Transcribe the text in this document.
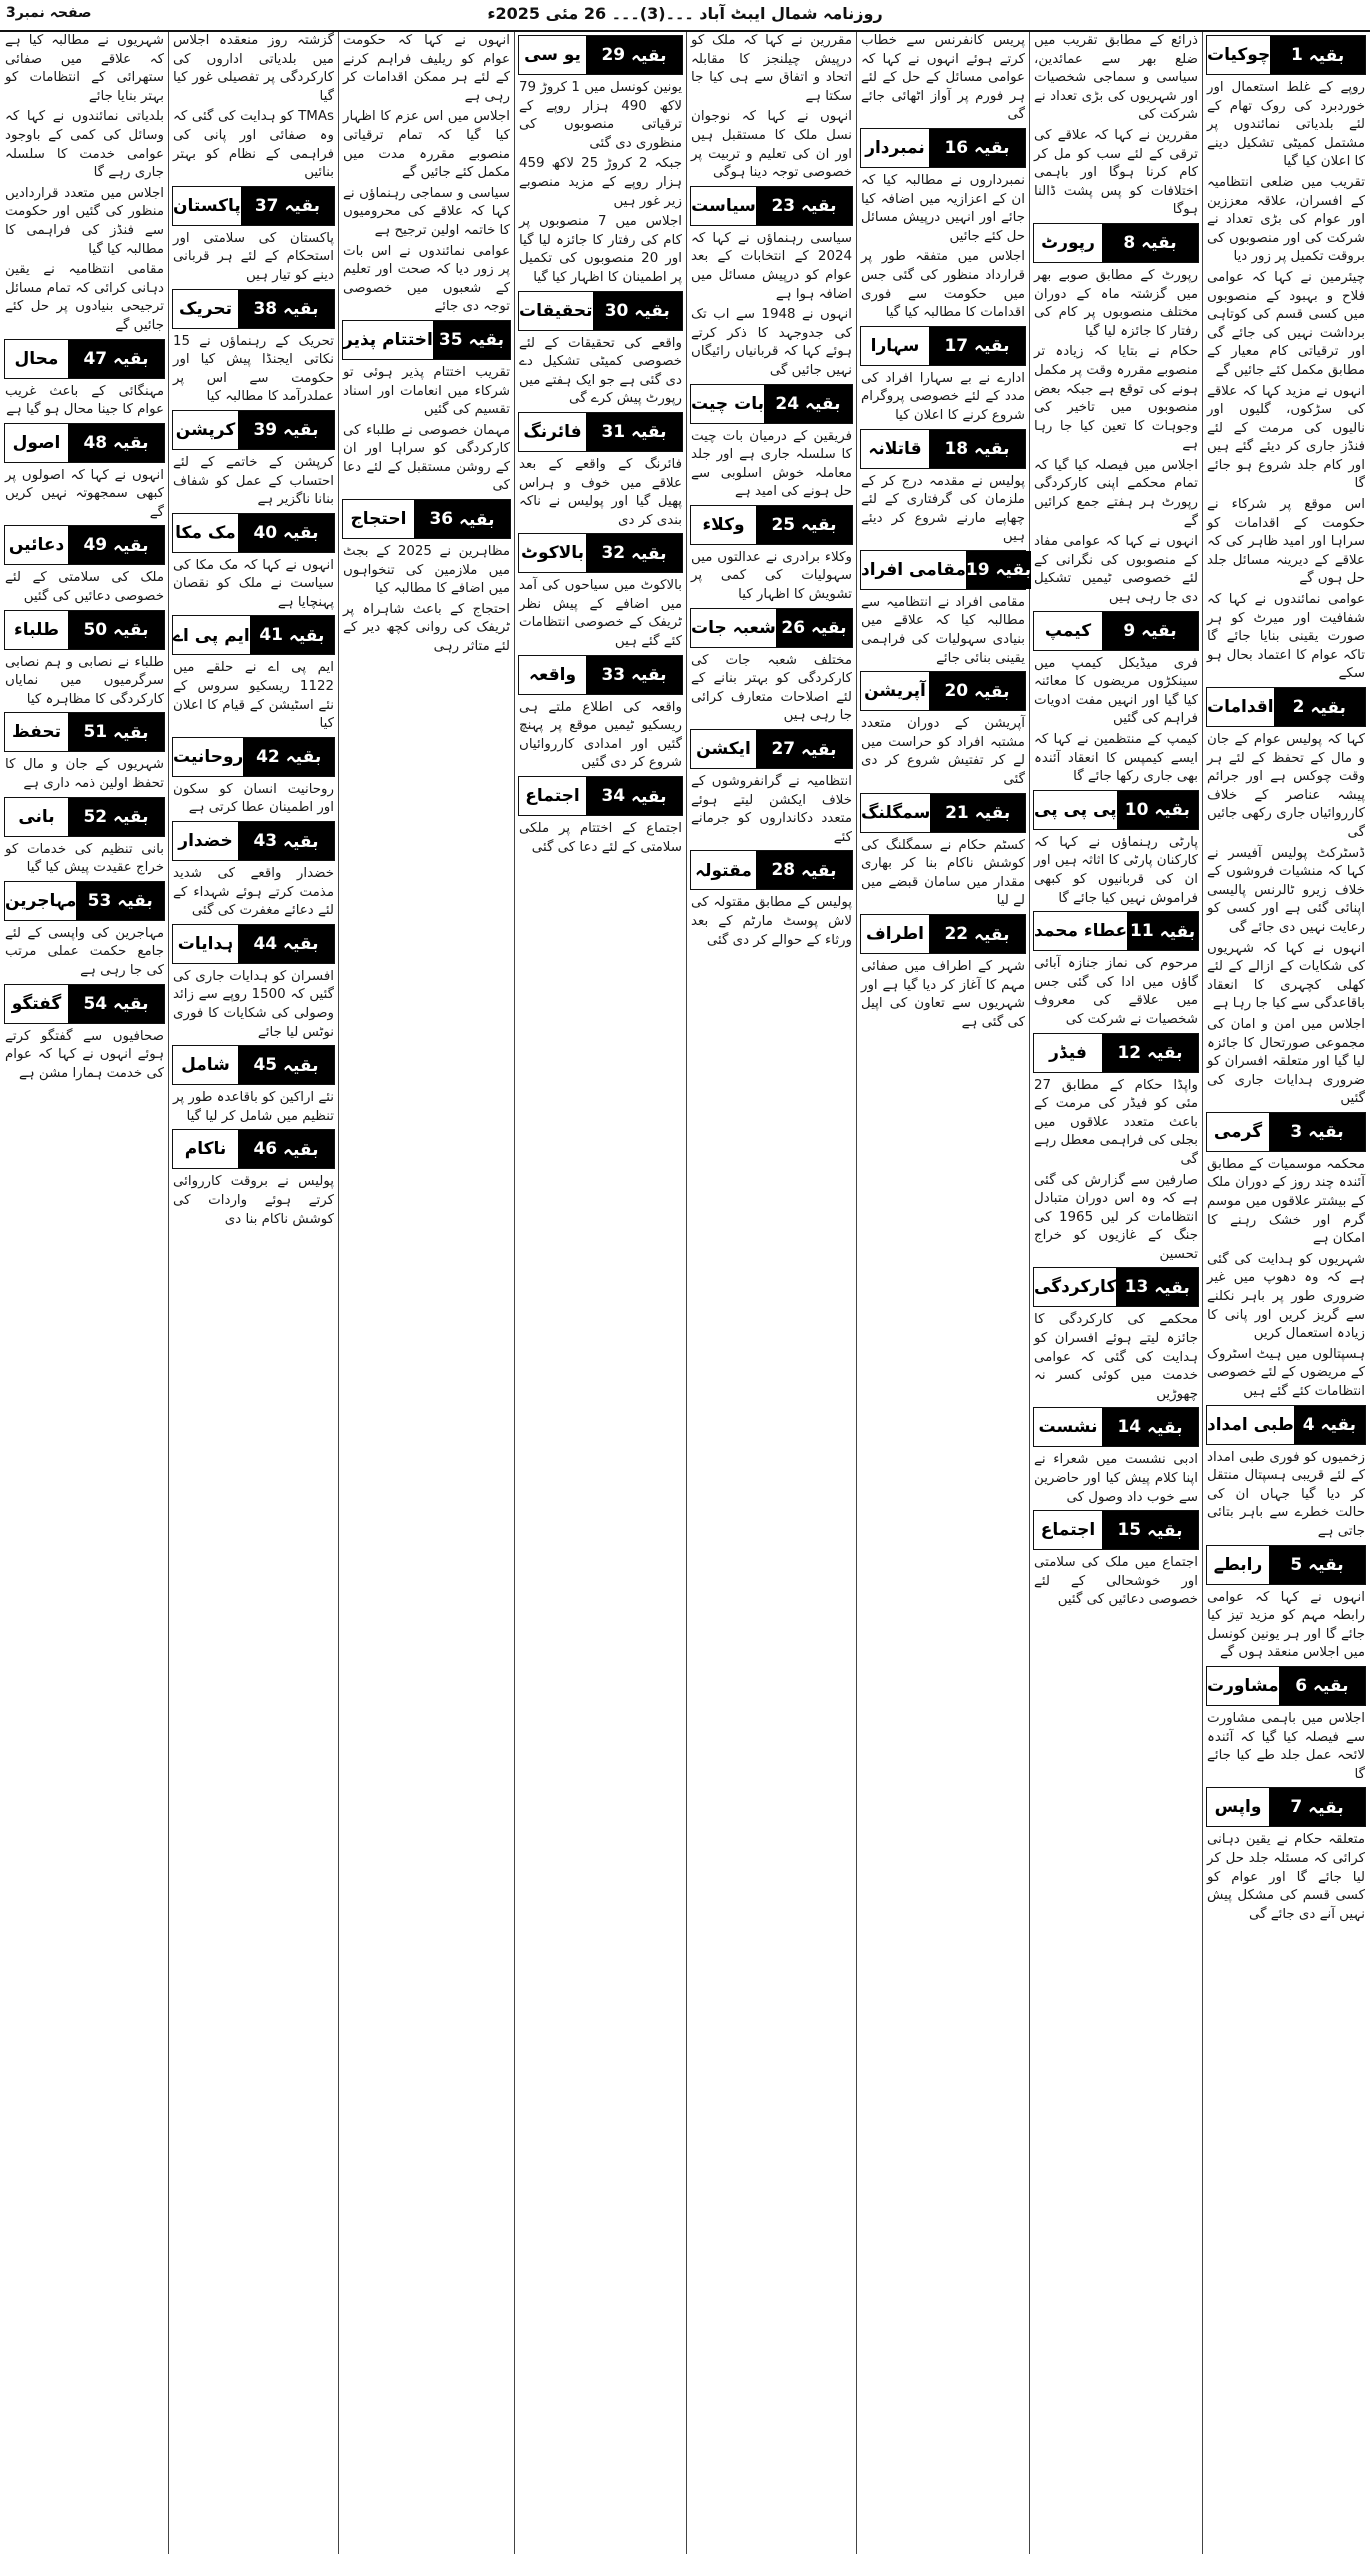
صفحہ نمبر3	روزنامہ شمال ایبٹ آباد ۔۔۔(3)۔۔۔ 26 مئی 2025ء
چوکیات بقیہ

1

روپے کے غلط استعمال اور خوردبرد کی روک تھام کے لئے بلدیاتی نمائندوں پر مشتمل کمیٹی تشکیل دینے کا اعلان کیا گیا

تقریب میں ضلعی انتظامیہ کے افسران، علاقہ معززین اور عوام کی بڑی تعداد نے شرکت کی اور منصوبوں کی بروقت تکمیل پر زور دیا

چیئرمین نے کہا کہ عوامی فلاح و بہبود کے منصوبوں میں کسی قسم کی کوتاہی برداشت نہیں کی جائے گی اور ترقیاتی کام معیار کے مطابق مکمل کئے جائیں گے

انہوں نے مزید کہا کہ علاقے کی سڑکوں، گلیوں اور نالیوں کی مرمت کے لئے فنڈز جاری کر دیئے گئے ہیں اور کام جلد شروع ہو جائے گا

اس موقع پر شرکاء نے حکومت کے اقدامات کو سراہا اور امید ظاہر کی کہ علاقے کے دیرینہ مسائل جلد حل ہوں گے

عوامی نمائندوں نے کہا کہ شفافیت اور میرٹ کو ہر صورت یقینی بنایا جائے گا تاکہ عوام کا اعتماد بحال ہو سکے

اقدامات بقیہ

2

کہا کہ پولیس عوام کے جان و مال کے تحفظ کے لئے ہر وقت چوکس ہے اور جرائم پیشہ عناصر کے خلاف کارروائیاں جاری رکھی جائیں گی

ڈسٹرکٹ پولیس آفیسر نے کہا کہ منشیات فروشوں کے خلاف زیرو ٹالرنس پالیسی اپنائی گئی ہے اور کسی کو رعایت نہیں دی جائے گی

انہوں نے کہا کہ شہریوں کی شکایات کے ازالے کے لئے کھلی کچہری کا انعقاد باقاعدگی سے کیا جا رہا ہے

اجلاس میں امن و امان کی مجموعی صورتحال کا جائزہ لیا گیا اور متعلقہ افسران کو ضروری ہدایات جاری کی گئیں

گرمی	بقیہ

3

محکمہ موسمیات کے مطابق آئندہ چند روز کے دوران ملک کے بیشتر علاقوں میں موسم گرم اور خشک رہنے کا امکان ہے

شہریوں کو ہدایت کی گئی ہے کہ وہ دھوپ میں غیر ضروری طور پر باہر نکلنے سے گریز کریں اور پانی کا زیادہ استعمال کریں

ہسپتالوں میں ہیٹ اسٹروک کے مریضوں کے لئے خصوصی انتظامات کئے گئے ہیں

طبی امداد بقیہ

4

زخمیوں کو فوری طبی امداد کے لئے قریبی ہسپتال منتقل کر دیا گیا جہاں ان کی حالت خطرے سے باہر بتائی جاتی ہے

رابطے	بقیہ

5

انہوں نے کہا کہ عوامی رابطہ مہم کو مزید تیز کیا جائے گا اور ہر یونین کونسل میں اجلاس منعقد ہوں گے

مشاورت بقیہ

6

اجلاس میں باہمی مشاورت سے فیصلہ کیا گیا کہ آئندہ لائحہ عمل جلد طے کیا جائے گا

واپس	بقیہ

7

متعلقہ حکام نے یقین دہانی کرائی کہ مسئلہ جلد حل کر لیا جائے گا اور عوام کو کسی قسم کی مشکل پیش نہیں آنے دی جائے گی

ذرائع کے مطابق تقریب میں ضلع بھر سے عمائدین، سیاسی و سماجی شخصیات اور شہریوں کی بڑی تعداد نے شرکت کی

مقررین نے کہا کہ علاقے کی ترقی کے لئے سب کو مل کر کام کرنا ہوگا اور باہمی اختلافات کو پس پشت ڈالنا ہوگا

رپورٹ	بقیہ

8

رپورٹ کے مطابق صوبے بھر میں گزشتہ ماہ کے دوران مختلف منصوبوں پر کام کی رفتار کا جائزہ لیا گیا

حکام نے بتایا کہ زیادہ تر منصوبے مقررہ وقت پر مکمل ہونے کی توقع ہے جبکہ بعض منصوبوں میں تاخیر کی وجوہات کا تعین کیا جا رہا ہے

اجلاس میں فیصلہ کیا گیا کہ تمام محکمے اپنی کارکردگی رپورٹ ہر ہفتے جمع کرائیں گے

انہوں نے کہا کہ عوامی مفاد کے منصوبوں کی نگرانی کے لئے خصوصی ٹیمیں تشکیل دی جا رہی ہیں

کیمپ	بقیہ

9

فری میڈیکل کیمپ میں سینکڑوں مریضوں کا معائنہ کیا گیا اور انہیں مفت ادویات فراہم کی گئیں

کیمپ کے منتظمین نے کہا کہ ایسے کیمپس کا انعقاد آئندہ بھی جاری رکھا جائے گا

پی پی پی بقیہ

10

پارٹی رہنماؤں نے کہا کہ کارکنان پارٹی کا اثاثہ ہیں اور ان کی قربانیوں کو کبھی فراموش نہیں کیا جائے گا

عطاء محمد بقیہ

11

مرحوم کی نماز جنازہ آبائی گاؤں میں ادا کی گئی جس میں علاقے کی معروف شخصیات نے شرکت کی

فیڈر	بقیہ

12

واپڈا حکام کے مطابق 27 مئی کو فیڈر کی مرمت کے باعث متعدد علاقوں میں بجلی کی فراہمی معطل رہے گی

صارفین سے گزارش کی گئی ہے کہ وہ اس دوران متبادل انتظامات کر لیں 1965 کی جنگ کے غازیوں کو خراج تحسین

کارکردگی بقیہ

13

محکمے کی کارکردگی کا جائزہ لیتے ہوئے افسران کو ہدایت کی گئی کہ عوامی خدمت میں کوئی کسر نہ چھوڑیں

نشست	بقیہ

14

ادبی نشست میں شعراء نے اپنا کلام پیش کیا اور حاضرین سے خوب داد وصول کی

اجتماع	بقیہ

15

اجتماع میں ملک کی سلامتی اور خوشحالی کے لئے خصوصی دعائیں کی گئیں

پریس کانفرنس سے خطاب کرتے ہوئے انہوں نے کہا کہ عوامی مسائل کے حل کے لئے ہر فورم پر آواز اٹھائی جائے گی

نمبردار	بقیہ

16

نمبرداروں نے مطالبہ کیا کہ ان کے اعزازیہ میں اضافہ کیا جائے اور انہیں درپیش مسائل حل کئے جائیں

اجلاس میں متفقہ طور پر قرارداد منظور کی گئی جس میں حکومت سے فوری اقدامات کا مطالبہ کیا گیا

سہارا	بقیہ

17

ادارے نے بے سہارا افراد کی مدد کے لئے خصوصی پروگرام شروع کرنے کا اعلان کیا

قاتلانہ	بقیہ

18

پولیس نے مقدمہ درج کر کے ملزمان کی گرفتاری کے لئے چھاپے مارنے شروع کر دیئے ہیں

مقامی افراد بقیہ

19

مقامی افراد نے انتظامیہ سے مطالبہ کیا کہ علاقے میں بنیادی سہولیات کی فراہمی یقینی بنائی جائے

آپریشن	بقیہ

20

آپریشن کے دوران متعدد مشتبہ افراد کو حراست میں لے کر تفتیش شروع کر دی گئی

سمگلنگ	بقیہ

21

کسٹم حکام نے سمگلنگ کی کوشش ناکام بنا کر بھاری مقدار میں سامان قبضے میں لے لیا

اطراف	بقیہ

22

شہر کے اطراف میں صفائی مہم کا آغاز کر دیا گیا ہے اور شہریوں سے تعاون کی اپیل کی گئی ہے

مقررین نے کہا کہ ملک کو درپیش چیلنجز کا مقابلہ اتحاد و اتفاق سے ہی کیا جا سکتا ہے

انہوں نے کہا کہ نوجوان نسل ملک کا مستقبل ہیں اور ان کی تعلیم و تربیت پر خصوصی توجہ دینا ہوگی

سیاست	بقیہ

23

سیاسی رہنماؤں نے کہا کہ 2024 کے انتخابات کے بعد عوام کو درپیش مسائل میں اضافہ ہوا ہے

انہوں نے 1948 سے اب تک کی جدوجہد کا ذکر کرتے ہوئے کہا کہ قربانیاں رائیگاں نہیں جائیں گی

بات چیت بقیہ

24

فریقین کے درمیان بات چیت کا سلسلہ جاری ہے اور جلد معاملہ خوش اسلوبی سے حل ہونے کی امید ہے

وکلاء	بقیہ

25

وکلاء برادری نے عدالتوں میں سہولیات کی کمی پر تشویش کا اظہار کیا

شعبہ جات بقیہ

26

مختلف شعبہ جات کی کارکردگی کو بہتر بنانے کے لئے اصلاحات متعارف کرائی جا رہی ہیں

ایکشن	بقیہ

27

انتظامیہ نے گرانفروشوں کے خلاف ایکشن لیتے ہوئے متعدد دکانداروں کو جرمانے کئے

مقتولہ	بقیہ

28

پولیس کے مطابق مقتولہ کی لاش پوسٹ مارٹم کے بعد ورثاء کے حوالے کر دی گئی

یو سی	بقیہ

29

یونین کونسل میں 1 کروڑ 79 لاکھ 490 ہزار روپے کے ترقیاتی منصوبوں کی منظوری دی گئی

جبکہ 2 کروڑ 25 لاکھ 459 ہزار روپے کے مزید منصوبے زیر غور ہیں

اجلاس میں 7 منصوبوں پر کام کی رفتار کا جائزہ لیا گیا اور 20 منصوبوں کی تکمیل پر اطمینان کا اظہار کیا گیا

تحقیقات بقیہ

30

واقعے کی تحقیقات کے لئے خصوصی کمیٹی تشکیل دے دی گئی ہے جو ایک ہفتے میں رپورٹ پیش کرے گی

فائرنگ	بقیہ

31

فائرنگ کے واقعے کے بعد علاقے میں خوف و ہراس پھیل گیا اور پولیس نے ناکہ بندی کر دی

بالاکوٹ	بقیہ

32

بالاکوٹ میں سیاحوں کی آمد میں اضافے کے پیش نظر ٹریفک کے خصوصی انتظامات کئے گئے ہیں

واقعہ	بقیہ

33

واقعہ کی اطلاع ملتے ہی ریسکیو ٹیمیں موقع پر پہنچ گئیں اور امدادی کارروائیاں شروع کر دی گئیں

اجتماع	بقیہ

34

اجتماع کے اختتام پر ملکی سلامتی کے لئے دعا کی گئی

انہوں نے کہا کہ حکومت عوام کو ریلیف فراہم کرنے کے لئے ہر ممکن اقدامات کر رہی ہے

اجلاس میں اس عزم کا اظہار کیا گیا کہ تمام ترقیاتی منصوبے مقررہ مدت میں مکمل کئے جائیں گے

سیاسی و سماجی رہنماؤں نے کہا کہ علاقے کی محرومیوں کا خاتمہ اولین ترجیح ہے

عوامی نمائندوں نے اس بات پر زور دیا کہ صحت اور تعلیم کے شعبوں میں خصوصی توجہ دی جائے

اختتام پذیر بقیہ

35

تقریب اختتام پذیر ہوئی تو شرکاء میں انعامات اور اسناد تقسیم کی گئیں

مہمان خصوصی نے طلباء کی کارکردگی کو سراہا اور ان کے روشن مستقبل کے لئے دعا کی

احتجاج	بقیہ

36

مظاہرین نے 2025 کے بجٹ میں ملازمین کی تنخواہوں میں اضافے کا مطالبہ کیا

احتجاج کے باعث شاہراہ پر ٹریفک کی روانی کچھ دیر کے لئے متاثر رہی

گزشتہ روز منعقدہ اجلاس میں بلدیاتی اداروں کی کارکردگی پر تفصیلی غور کیا گیا

TMAs کو ہدایت کی گئی کہ وہ صفائی اور پانی کی فراہمی کے نظام کو بہتر بنائیں

پاکستان	بقیہ

37

پاکستان کی سلامتی اور استحکام کے لئے ہر قربانی دینے کو تیار ہیں

تحریک	بقیہ

38

تحریک کے رہنماؤں نے 15 نکاتی ایجنڈا پیش کیا اور حکومت سے اس پر عملدرآمد کا مطالبہ کیا

کرپشن	بقیہ

39

کرپشن کے خاتمے کے لئے احتساب کے عمل کو شفاف بنانا ناگزیر ہے

مک مکا	بقیہ

40

انہوں نے کہا کہ مک مکا کی سیاست نے ملک کو نقصان پہنچایا ہے

ایم پی اے بقیہ

41

ایم پی اے نے حلقے میں 1122 ریسکیو سروس کے نئے اسٹیشن کے قیام کا اعلان کیا

روحانیت بقیہ

42

روحانیت انسان کو سکون اور اطمینان عطا کرتی ہے

خضدار	بقیہ

43

خضدار واقعے کی شدید مذمت کرتے ہوئے شہداء کے لئے دعائے مغفرت کی گئی

ہدایات	بقیہ

44

افسران کو ہدایات جاری کی گئیں کہ 1500 روپے سے زائد وصولی کی شکایات کا فوری نوٹس لیا جائے

شامل	بقیہ

45

نئے اراکین کو باقاعدہ طور پر تنظیم میں شامل کر لیا گیا

ناکام	بقیہ

46

پولیس نے بروقت کارروائی کرتے ہوئے واردات کی کوشش ناکام بنا دی

شہریوں نے مطالبہ کیا ہے کہ علاقے میں صفائی ستھرائی کے انتظامات کو بہتر بنایا جائے

بلدیاتی نمائندوں نے کہا کہ وسائل کی کمی کے باوجود عوامی خدمت کا سلسلہ جاری رہے گا

اجلاس میں متعدد قراردادیں منظور کی گئیں اور حکومت سے فنڈز کی فراہمی کا مطالبہ کیا گیا

مقامی انتظامیہ نے یقین دہانی کرائی کہ تمام مسائل ترجیحی بنیادوں پر حل کئے جائیں گے

محال	بقیہ

47

مہنگائی کے باعث غریب عوام کا جینا محال ہو گیا ہے

اصول	بقیہ

48

انہوں نے کہا کہ اصولوں پر کبھی سمجھوتہ نہیں کریں گے

دعائیں	بقیہ

49

ملک کی سلامتی کے لئے خصوصی دعائیں کی گئیں

طلباء	بقیہ

50

طلباء نے نصابی و ہم نصابی سرگرمیوں میں نمایاں کارکردگی کا مظاہرہ کیا

تحفظ	بقیہ

51

شہریوں کے جان و مال کا تحفظ اولین ذمہ داری ہے

بانی	بقیہ

52

بانی تنظیم کی خدمات کو خراج عقیدت پیش کیا گیا

مہاجرین بقیہ

53

مہاجرین کی واپسی کے لئے جامع حکمت عملی مرتب کی جا رہی ہے

گفتگو	بقیہ

54

صحافیوں سے گفتگو کرتے ہوئے انہوں نے کہا کہ عوام کی خدمت ہمارا مشن ہے
